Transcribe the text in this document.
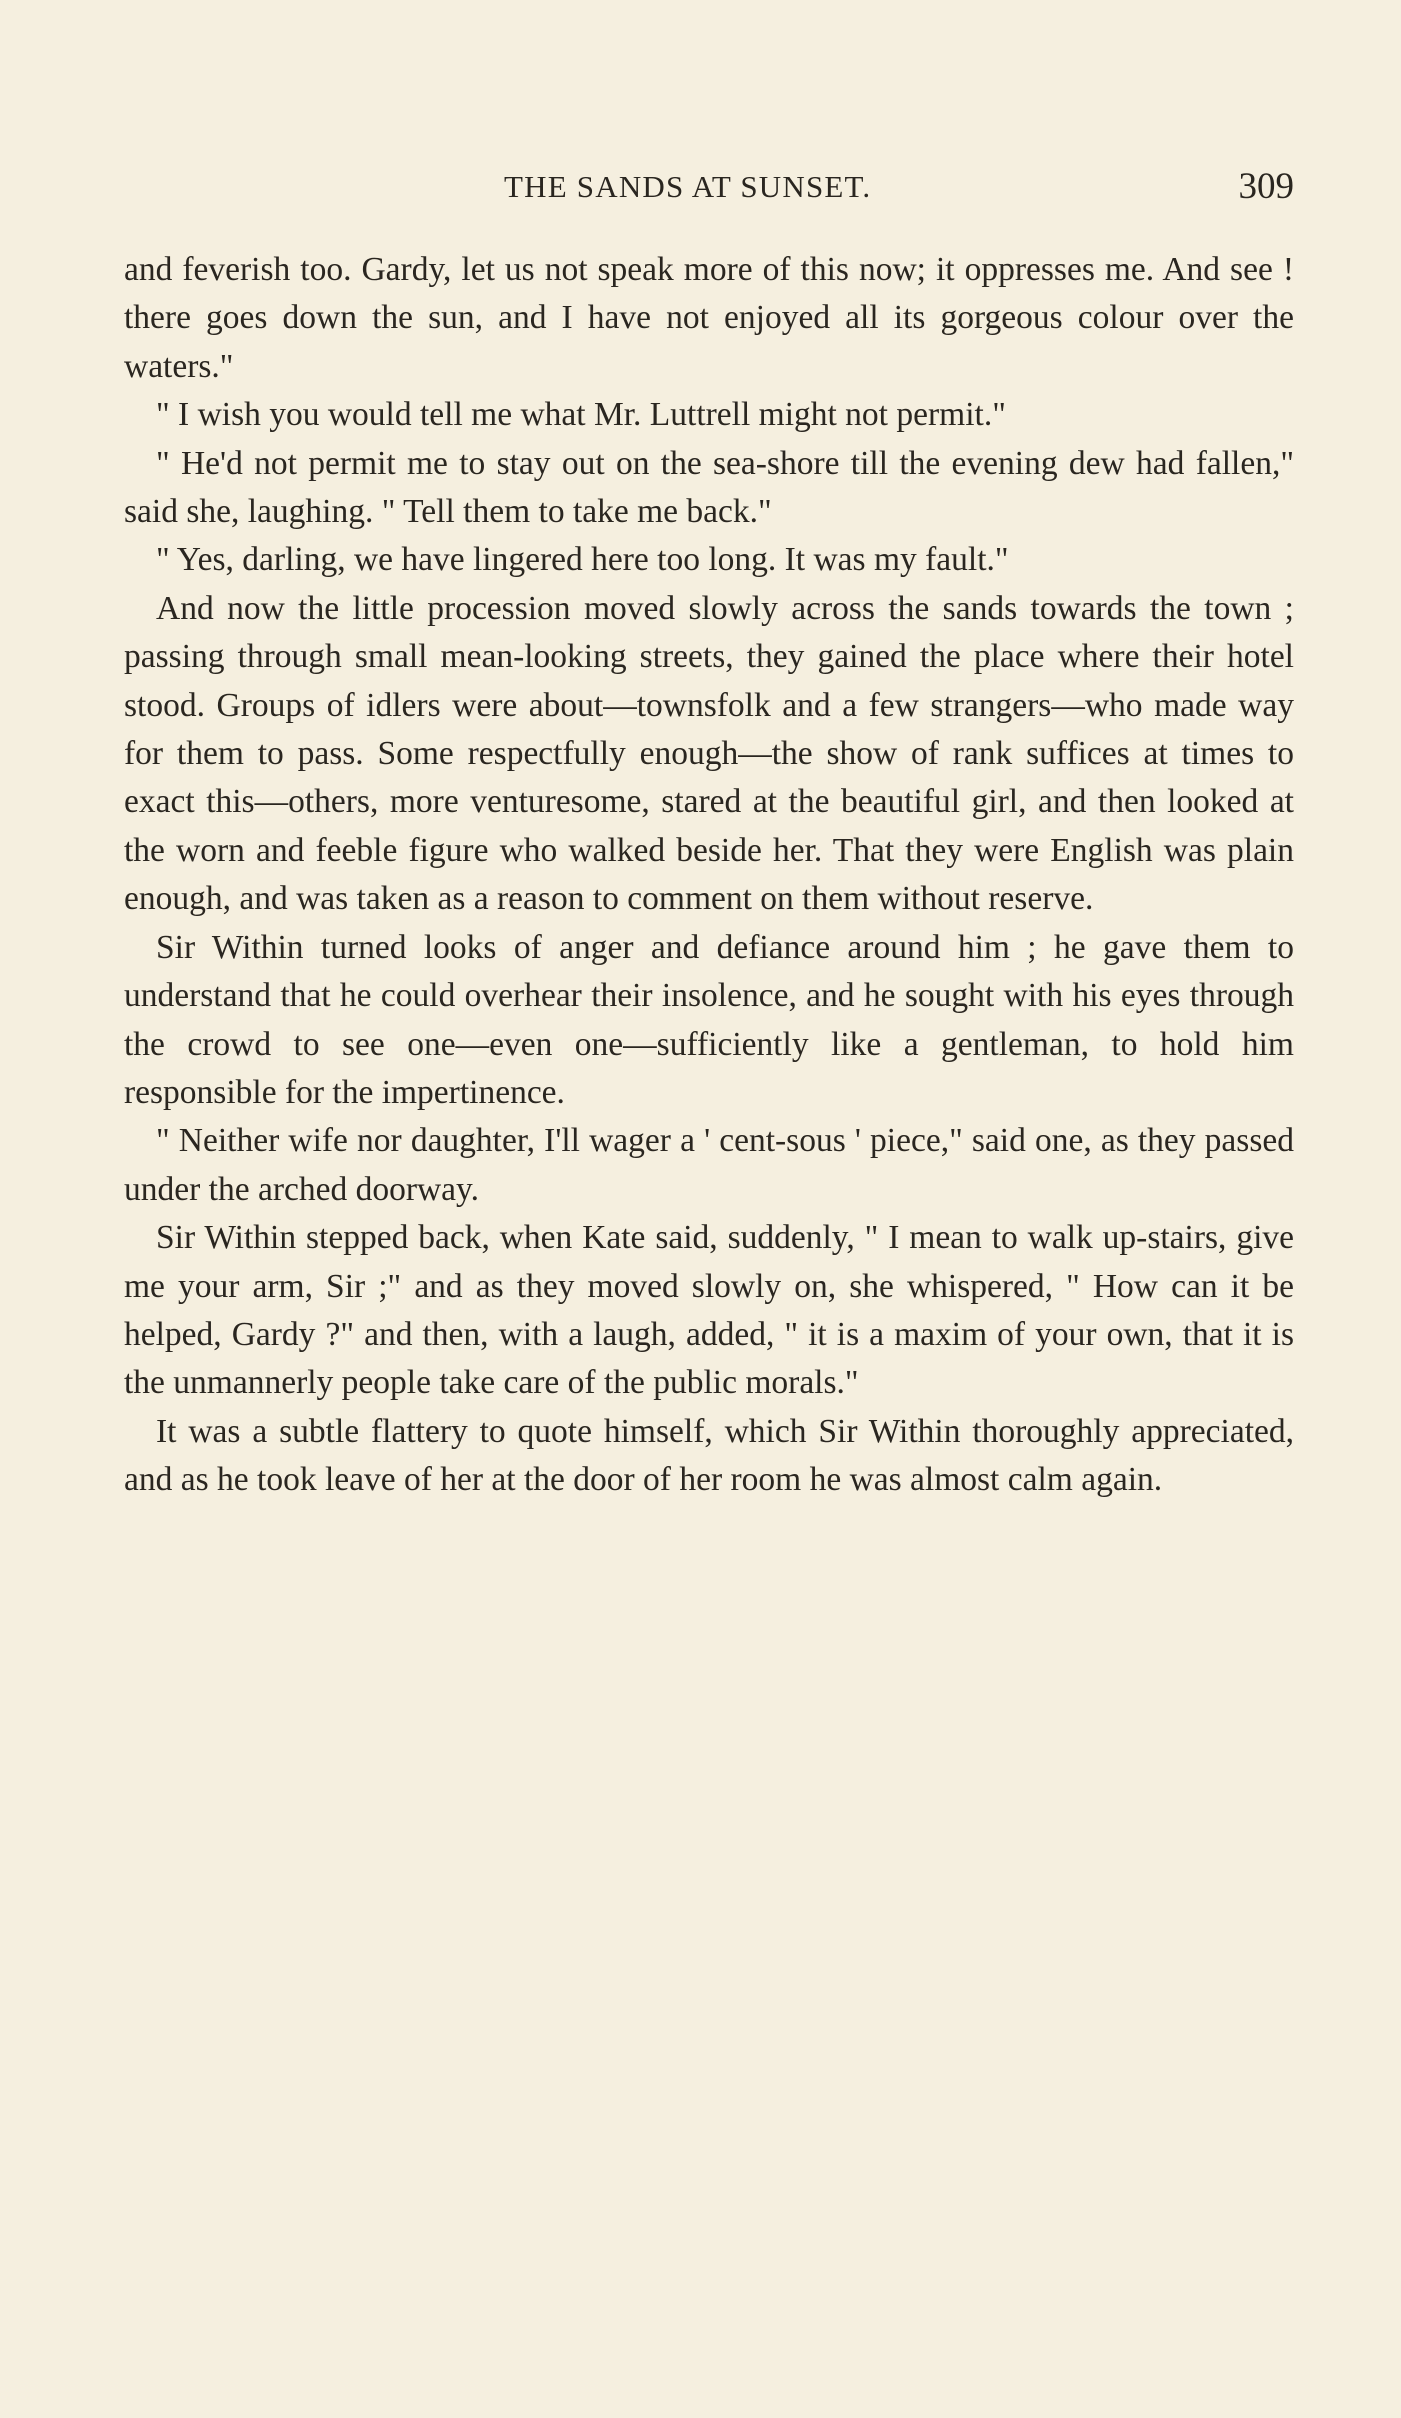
THE SANDS AT SUNSET.	309

and feverish too. Gardy, let us not speak more of this now; it oppresses me. And see ! there goes down the sun, and I have not enjoyed all its gorgeous colour over the waters."

" I wish you would tell me what Mr. Luttrell might not permit."

" He'd not permit me to stay out on the sea-shore till the evening dew had fallen," said she, laughing. " Tell them to take me back."

" Yes, darling, we have lingered here too long. It was my fault."

And now the little procession moved slowly across the sands towards the town ; passing through small mean-looking streets, they gained the place where their hotel stood. Groups of idlers were about—townsfolk and a few strangers—who made way for them to pass. Some respectfully enough—the show of rank suffices at times to exact this—others, more venturesome, stared at the beautiful girl, and then looked at the worn and feeble figure who walked beside her. That they were English was plain enough, and was taken as a reason to comment on them without reserve.

Sir Within turned looks of anger and defiance around him ; he gave them to understand that he could overhear their insolence, and he sought with his eyes through the crowd to see one—even one—sufficiently like a gentleman, to hold him responsible for the impertinence.

" Neither wife nor daughter, I'll wager a ' cent-sous ' piece," said one, as they passed under the arched doorway.

Sir Within stepped back, when Kate said, suddenly, " I mean to walk up-stairs, give me your arm, Sir ;" and as they moved slowly on, she whispered, " How can it be helped, Gardy ?" and then, with a laugh, added, " it is a maxim of your own, that it is the unmannerly people take care of the public morals."

It was a subtle flattery to quote himself, which Sir Within thoroughly appreciated, and as he took leave of her at the door of her room he was almost calm again.
